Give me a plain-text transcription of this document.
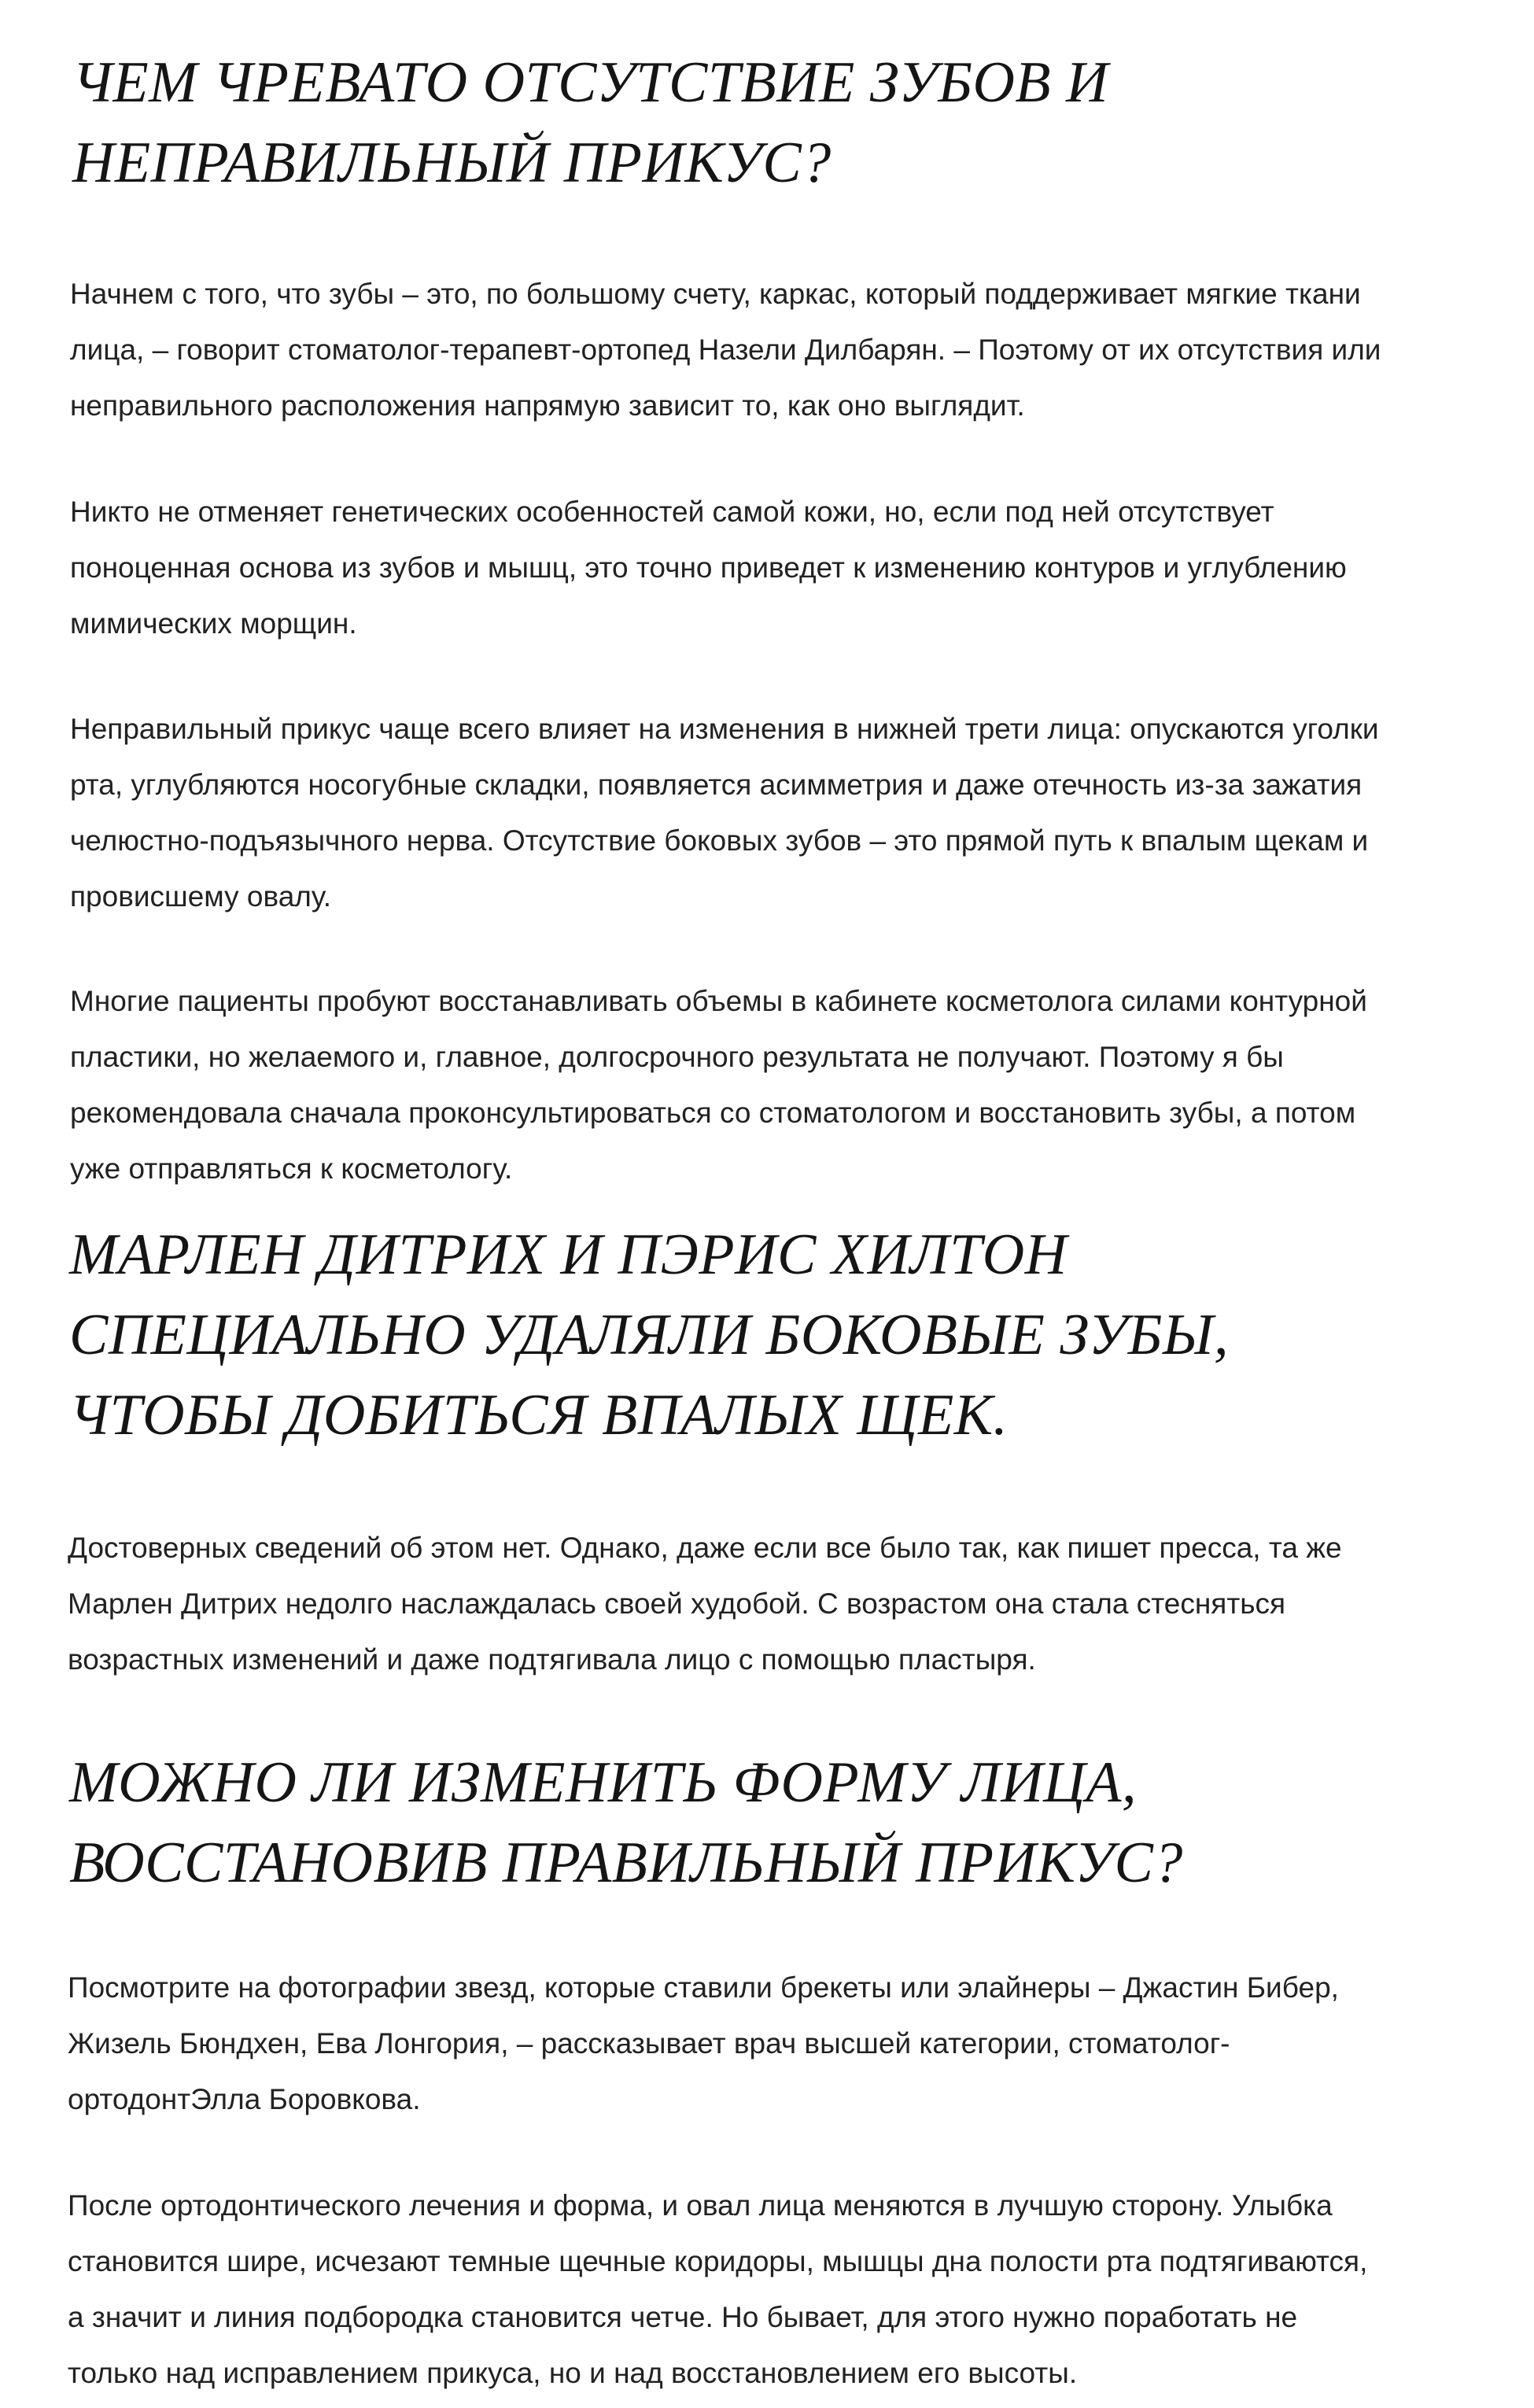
ЧЕМ ЧРЕВАТО ОТСУТСТВИЕ ЗУБОВ И
НЕПРАВИЛЬНЫЙ ПРИКУС?

Начнем с того, что зубы – это, по большому счету, каркас, который поддерживает мягкие ткани
лица, – говорит стоматолог-терапевт-ортопед Назели Дилбарян. – Поэтому от их отсутствия или
неправильного расположения напрямую зависит то, как оно выглядит.

Никто не отменяет генетических особенностей самой кожи, но, если под ней отсутствует
поноценная основа из зубов и мышц, это точно приведет к изменению контуров и углублению
мимических морщин.

Неправильный прикус чаще всего влияет на изменения в нижней трети лица: опускаются уголки
рта, углубляются носогубные складки, появляется асимметрия и даже отечность из-за зажатия
челюстно-подъязычного нерва. Отсутствие боковых зубов – это прямой путь к впалым щекам и
провисшему овалу.

Многие пациенты пробуют восстанавливать объемы в кабинете косметолога силами контурной
пластики, но желаемого и, главное, долгосрочного результата не получают. Поэтому я бы
рекомендовала сначала проконсультироваться со стоматологом и восстановить зубы, а потом
уже отправляться к косметологу.

МАРЛЕН ДИТРИХ И ПЭРИС ХИЛТОН
СПЕЦИАЛЬНО УДАЛЯЛИ БОКОВЫЕ ЗУБЫ,
ЧТОБЫ ДОБИТЬСЯ ВПАЛЫХ ЩЕК.

Достоверных сведений об этом нет. Однако, даже если все было так, как пишет пресса, та же
Марлен Дитрих недолго наслаждалась своей худобой. С возрастом она стала стесняться
возрастных изменений и даже подтягивала лицо с помощью пластыря.

МОЖНО ЛИ ИЗМЕНИТЬ ФОРМУ ЛИЦА,
ВОССТАНОВИВ ПРАВИЛЬНЫЙ ПРИКУС?

Посмотрите на фотографии звезд, которые ставили брекеты или элайнеры – Джастин Бибер,
Жизель Бюндхен, Ева Лонгория, – рассказывает врач высшей категории, стоматолог-
ортодонтЭлла Боровкова.

После ортодонтического лечения и форма, и овал лица меняются в лучшую сторону. Улыбка
становится шире, исчезают темные щечные коридоры, мышцы дна полости рта подтягиваются,
а значит и линия подбородка становится четче. Но бывает, для этого нужно поработать не
только над исправлением прикуса, но и над восстановлением его высоты.
